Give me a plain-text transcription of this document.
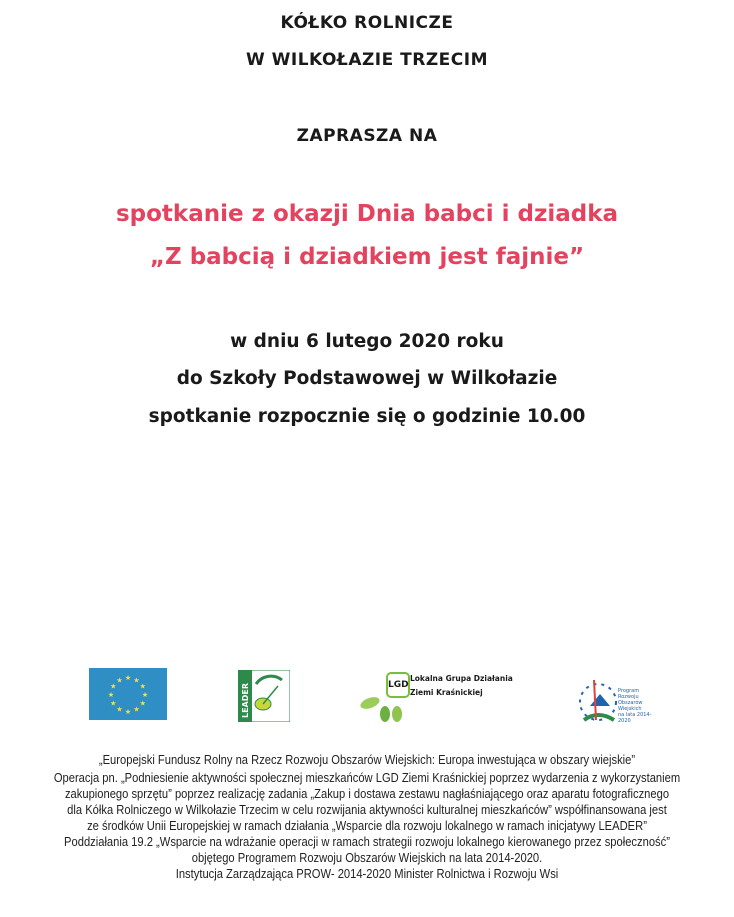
KÓŁKO ROLNICZE
W WILKOŁAZIE TRZECIM
ZAPRASZA NA
spotkanie z okazji Dnia babci i dziadka
„Z babcią i dziadkiem jest fajnie”
w dniu 6 lutego 2020 roku
do Szkoły Podstawowej w Wilkołazie
spotkanie rozpocznie się o godzinie 10.00
★ ★
★
★
★
★
★
★
★
★
★
★
LEADER	LGD
Lokalna Grupa Działania
Ziemi Kraśnickiej	Program
Rozwoju
Obszarów
Wiejskich
na lata 2014-2020
„Europejski Fundusz Rolny na Rzecz Rozwoju Obszarów Wiejskich: Europa inwestująca w obszary wiejskie”
Operacja pn. „Podniesienie aktywności społecznej mieszkańców LGD Ziemi Kraśnickiej poprzez wydarzenia z wykorzystaniem
zakupionego sprzętu” poprzez realizację zadania „Zakup i dostawa zestawu nagłaśniającego oraz aparatu fotograficznego
dla Kółka Rolniczego w Wilkołazie Trzecim w celu rozwijania aktywności kulturalnej mieszkańców” współfinansowana jest
ze środków Unii Europejskiej w ramach działania „Wsparcie dla rozwoju lokalnego w ramach inicjatywy LEADER”
Poddziałania 19.2 „Wsparcie na wdrażanie operacji w ramach strategii rozwoju lokalnego kierowanego przez społeczność”
objętego Programem Rozwoju Obszarów Wiejskich na lata 2014-2020.
Instytucja Zarządzająca PROW- 2014-2020 Minister Rolnictwa i Rozwoju Wsi
